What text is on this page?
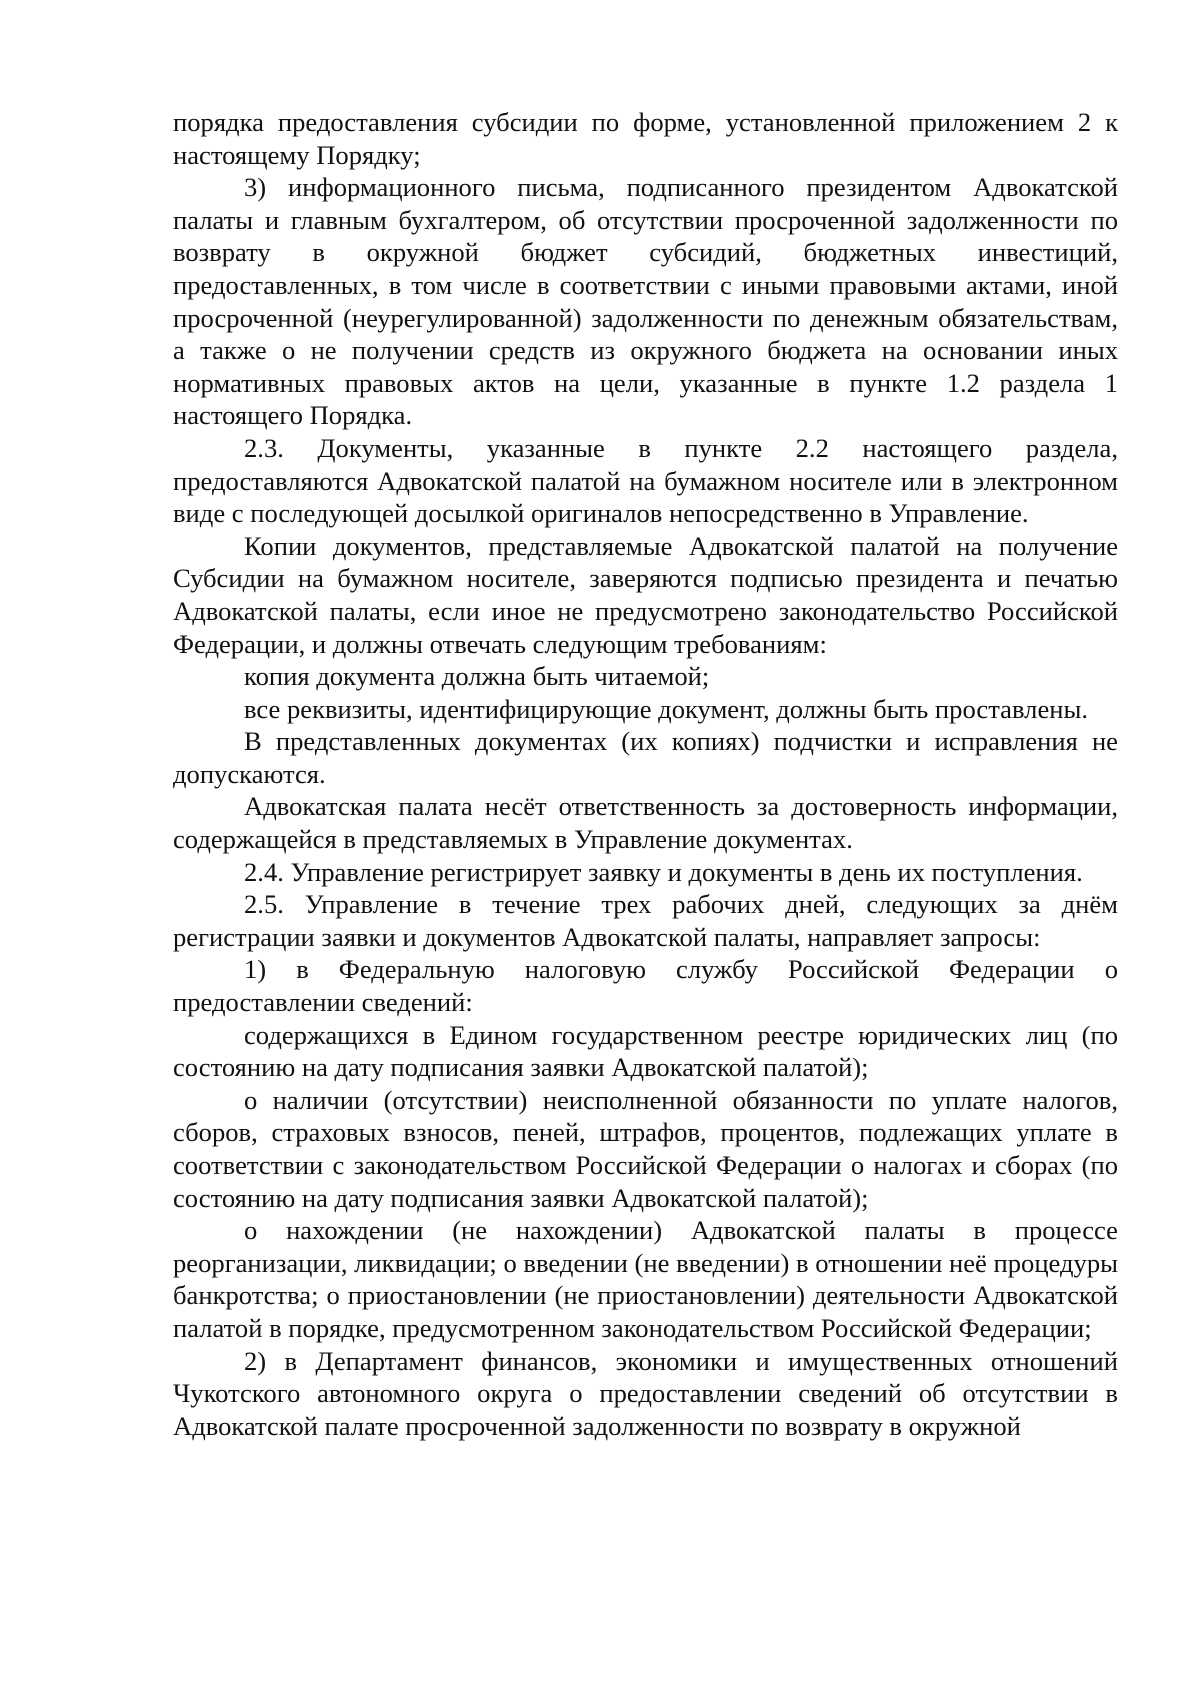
порядка предоставления субсидии по форме, установленной приложением 2 к настоящему Порядку;

3) информационного письма, подписанного президентом Адвокатской палаты и главным бухгалтером, об отсутствии просроченной задолженности по возврату в окружной бюджет субсидий, бюджетных инвестиций, предоставленных, в том числе в соответствии с иными правовыми актами, иной просроченной (неурегулированной) задолженности по денежным обязательствам, а также о не получении средств из окружного бюджета на основании иных нормативных правовых актов на цели, указанные в пункте 1.2 раздела 1 настоящего Порядка.

2.3. Документы, указанные в пункте 2.2 настоящего раздела, предоставляются Адвокатской палатой на бумажном носителе или в электронном виде с последующей досылкой оригиналов непосредственно в Управление.

Копии документов, представляемые Адвокатской палатой на получение Субсидии на бумажном носителе, заверяются подписью президента и печатью Адвокатской палаты, если иное не предусмотрено законодательство Российской Федерации, и должны отвечать следующим требованиям:

копия документа должна быть читаемой;

все реквизиты, идентифицирующие документ, должны быть проставлены.

В представленных документах (их копиях) подчистки и исправления не допускаются.

Адвокатская палата несёт ответственность за достоверность информации, содержащейся в представляемых в Управление документах.

2.4. Управление регистрирует заявку и документы в день их поступления.

2.5. Управление в течение трех рабочих дней, следующих за днём регистрации заявки и документов Адвокатской палаты, направляет запросы:

1) в Федеральную налоговую службу Российской Федерации о предоставлении сведений:

содержащихся в Едином государственном реестре юридических лиц (по состоянию на дату подписания заявки Адвокатской палатой);

о наличии (отсутствии) неисполненной обязанности по уплате налогов, сборов, страховых взносов, пеней, штрафов, процентов, подлежащих уплате в соответствии с законодательством Российской Федерации о налогах и сборах (по состоянию на дату подписания заявки Адвокатской палатой);

о нахождении (не нахождении) Адвокатской палаты в процессе реорганизации, ликвидации; о введении (не введении) в отношении неё процедуры банкротства; о приостановлении (не приостановлении) деятельности Адвокатской палатой в порядке, предусмотренном законодательством Российской Федерации;

2) в Департамент финансов, экономики и имущественных отношений Чукотского автономного округа о предоставлении сведений об отсутствии в Адвокатской палате просроченной задолженности по возврату в окружной
